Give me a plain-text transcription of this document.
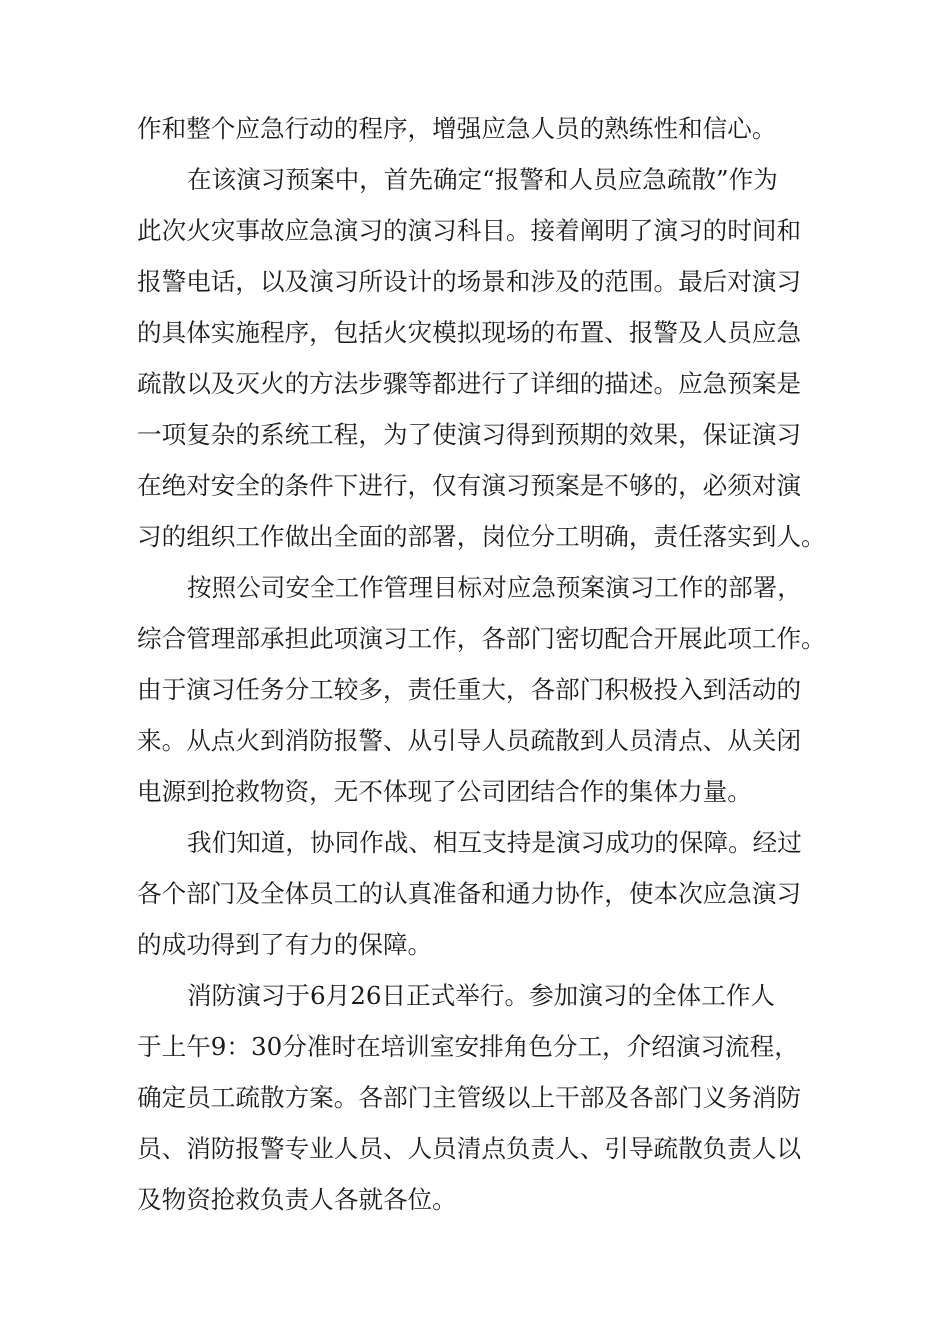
作和整个应急行动的程序，增强应急人员的熟练性和信心。
在该演习预案中，首先确定“报警和人员应急疏散”作为
此次火灾事故应急演习的演习科目。接着阐明了演习的时间和
报警电话，以及演习所设计的场景和涉及的范围。最后对演习
的具体实施程序，包括火灾模拟现场的布置、报警及人员应急
疏散以及灭火的方法步骤等都进行了详细的描述。应急预案是
一项复杂的系统工程，为了使演习得到预期的效果，保证演习
在绝对安全的条件下进行，仅有演习预案是不够的，必须对演
习的组织工作做出全面的部署，岗位分工明确，责任落实到人。
按照公司安全工作管理目标对应急预案演习工作的部署，
综合管理部承担此项演习工作，各部门密切配合开展此项工作。
由于演习任务分工较多，责任重大，各部门积极投入到活动的
来。从点火到消防报警、从引导人员疏散到人员清点、从关闭
电源到抢救物资，无不体现了公司团结合作的集体力量。
我们知道，协同作战、相互支持是演习成功的保障。经过
各个部门及全体员工的认真准备和通力协作，使本次应急演习
的成功得到了有力的保障。
消防演习于6月26日正式举行。参加演习的全体工作人
于上午9：30分准时在培训室安排角色分工，介绍演习流程，
确定员工疏散方案。各部门主管级以上干部及各部门义务消防
员、消防报警专业人员、人员清点负责人、引导疏散负责人以
及物资抢救负责人各就各位。
